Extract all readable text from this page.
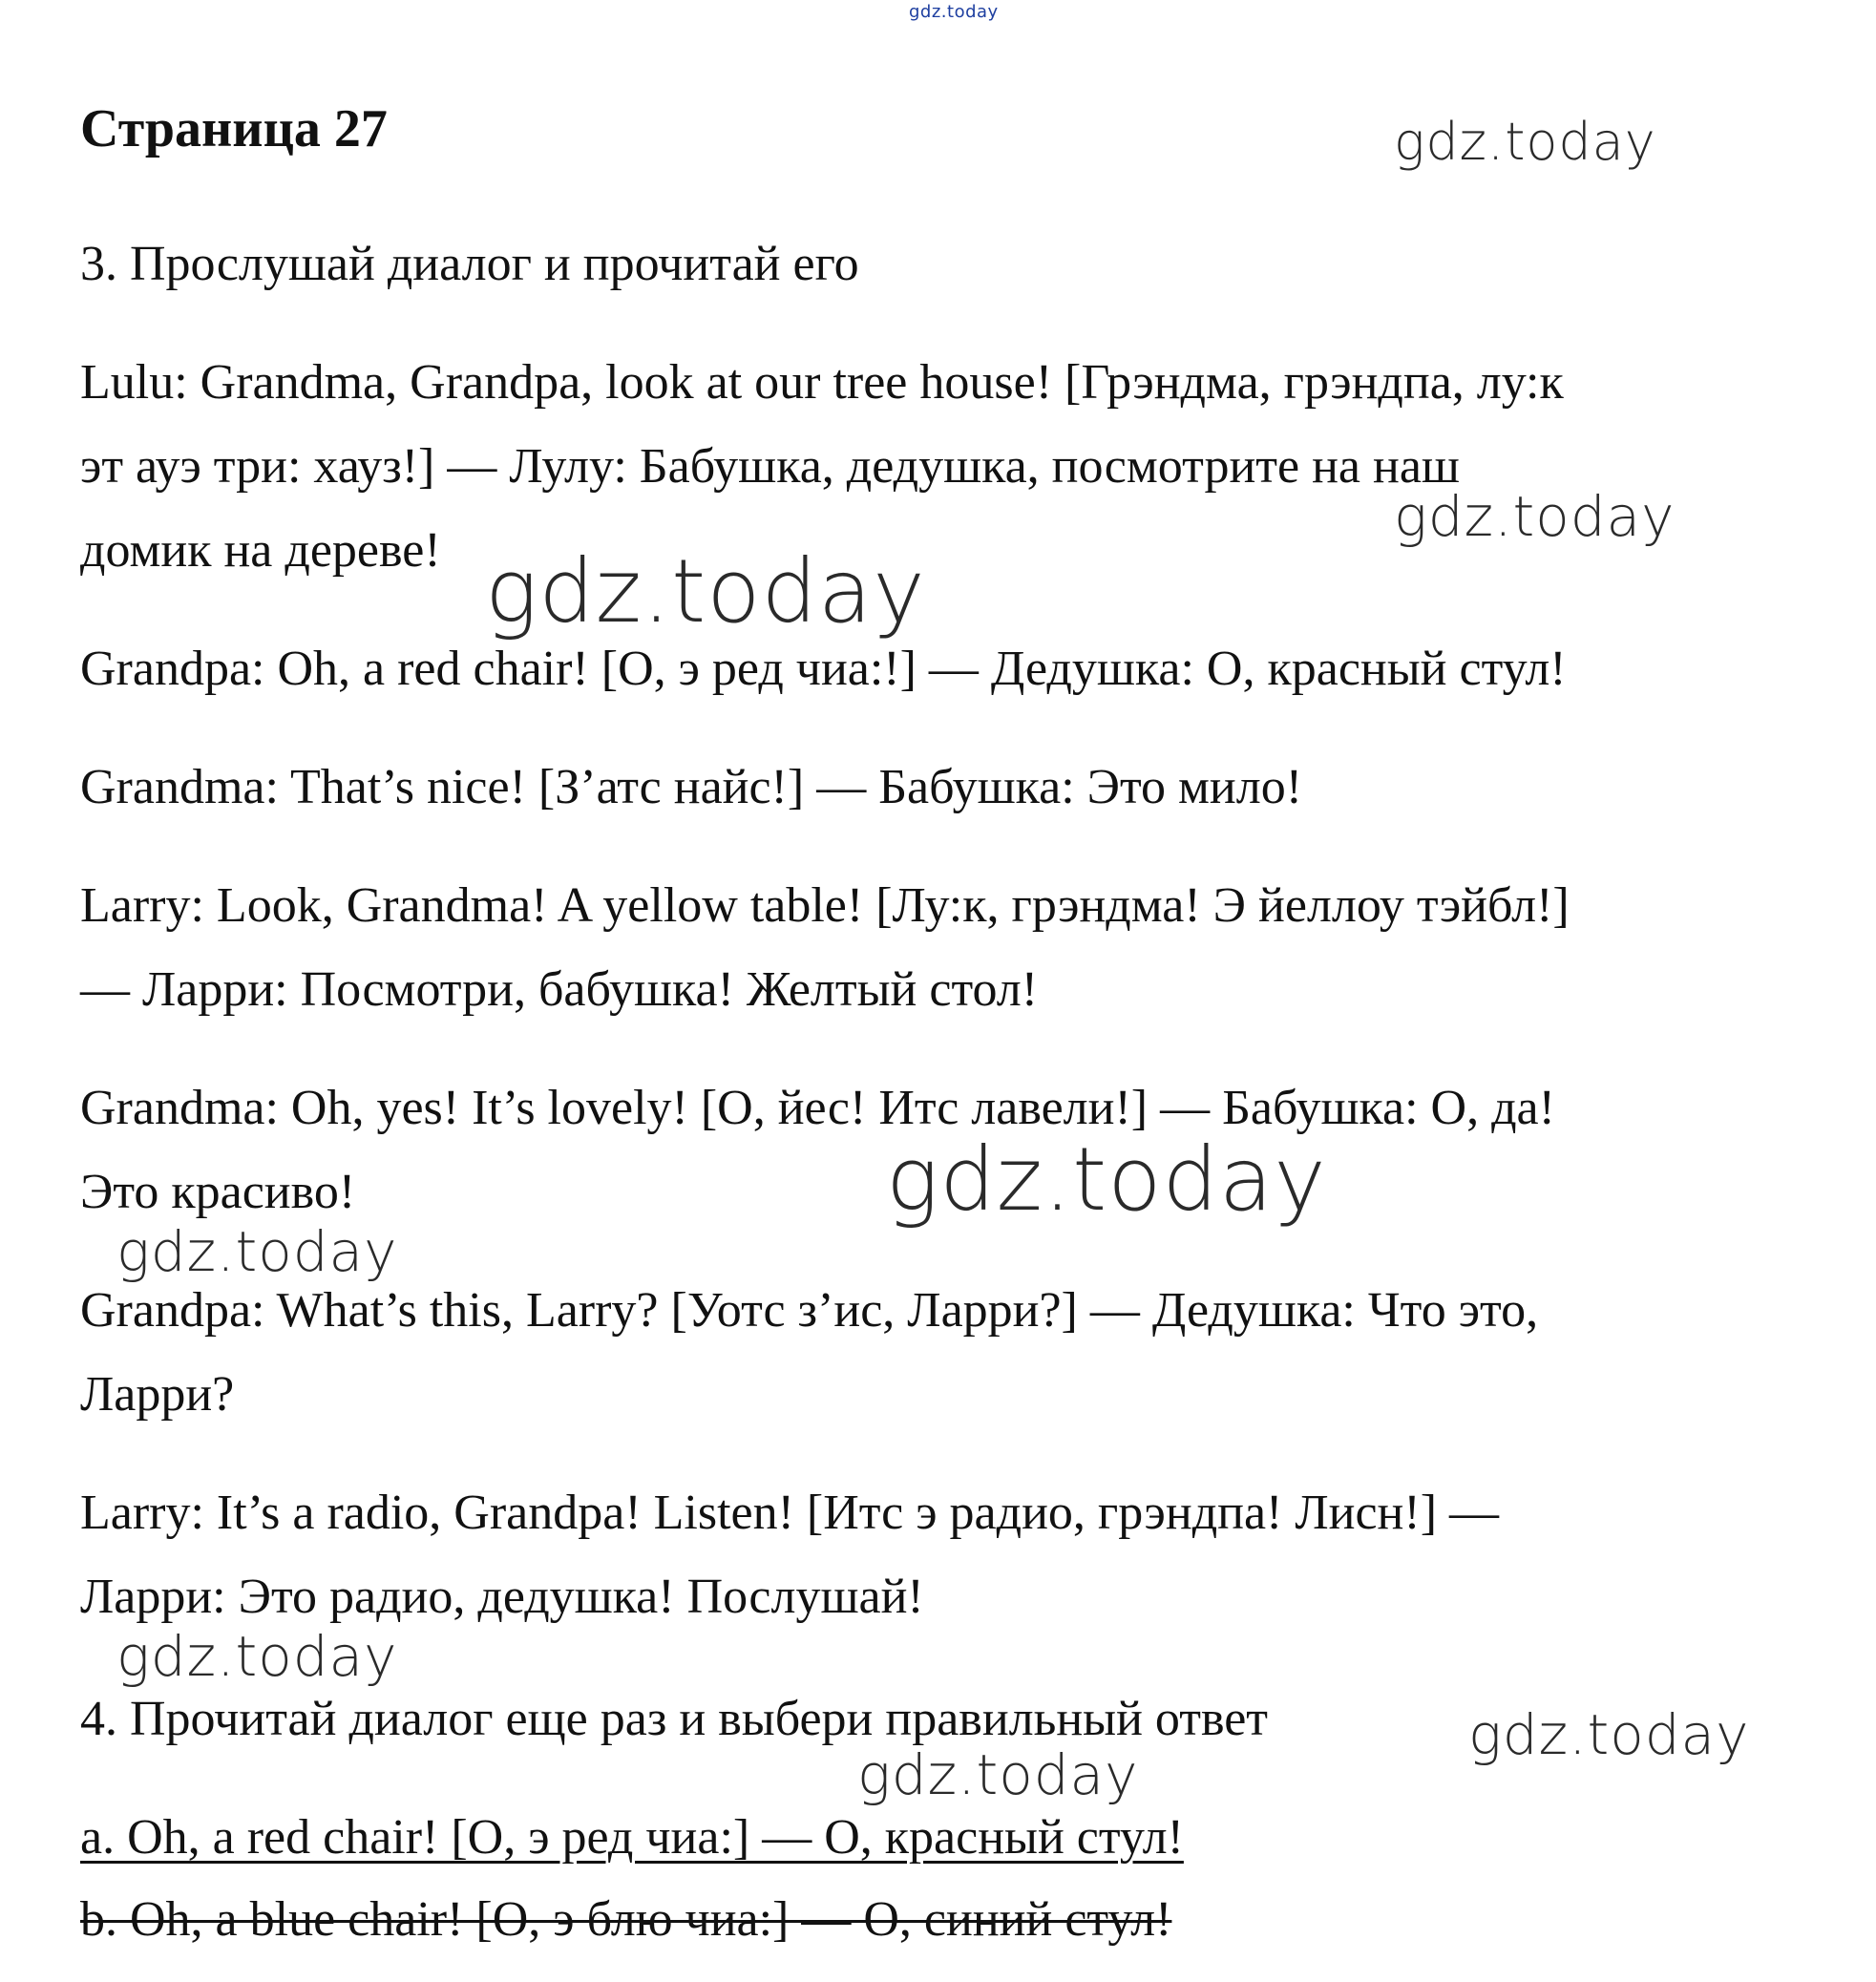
gdz.today
Страница 27
3. Прослушай диалог и прочитай его
Lulu: Grandma, Grandpa, look at our tree house! [Грэндма, грэндпа, лу:к
эт ауэ три: хауз!] — Лулу: Бабушка, дедушка, посмотрите на наш
домик на дереве!
Grandpa: Oh, a red chair! [О, э ред чиа:!] — Дедушка: О, красный стул!
Grandma: That’s nice! [З’атс найс!] — Бабушка: Это мило!
Larry: Look, Grandma! A yellow table! [Лу:к, грэндма! Э йеллоу тэйбл!]
— Ларри: Посмотри, бабушка! Желтый стол!
Grandma: Oh, yes! It’s lovely! [О, йес! Итс лавели!] — Бабушка: О, да!
Это красиво!
Grandpa: What’s this, Larry? [Уотс з’ис, Ларри?] — Дедушка: Что это,
Ларри?
Larry: It’s a radio, Grandpa! Listen! [Итс э радио, грэндпа! Лисн!] —
Ларри: Это радио, дедушка! Послушай!
4. Прочитай диалог еще раз и выбери правильный ответ
a. Oh, a red chair! [О, э ред чиа:] — О, красный стул!
b. Oh, a blue chair! [О, э блю чиа:] — О, синий стул!
gdz.today
gdz.today
gdz.today
gdz.today
gdz.today
gdz.today
gdz.today
gdz.today
